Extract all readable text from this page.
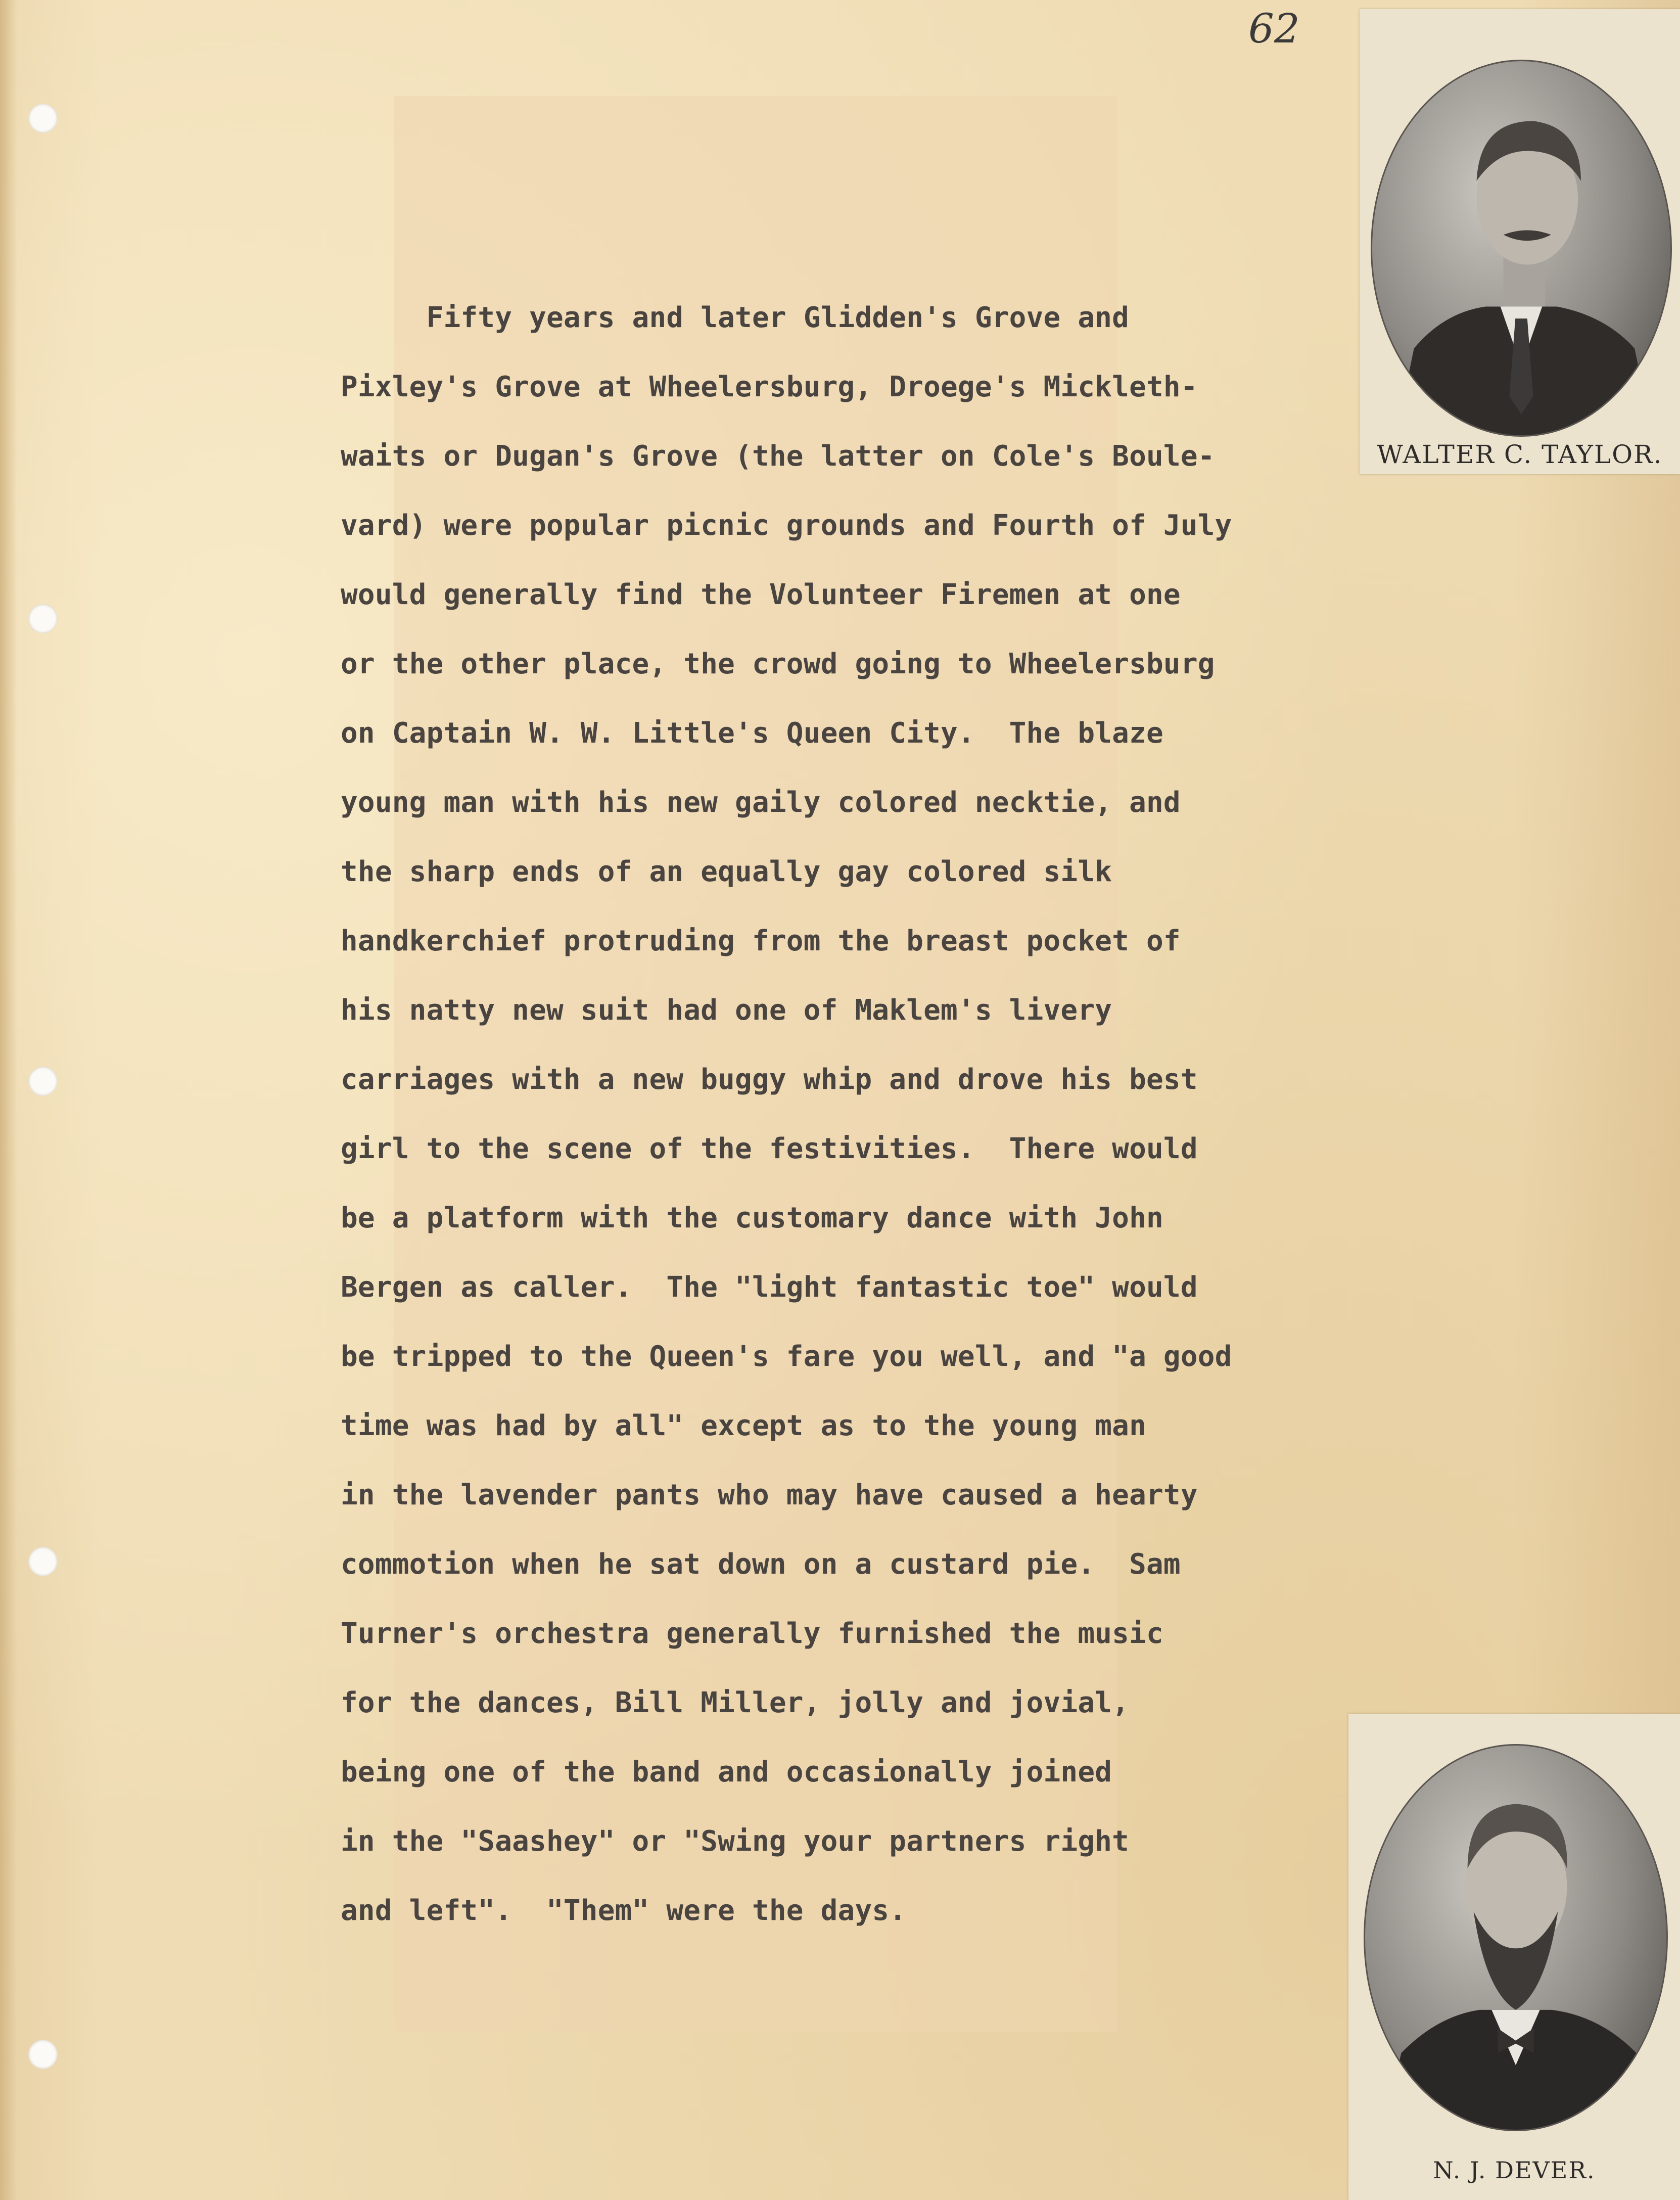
62
Fifty years and later Glidden's Grove and
Pixley's Grove at Wheelersburg, Droege's Mickleth-
waits or Dugan's Grove (the latter on Cole's Boule-
vard) were popular picnic grounds and Fourth of July
would generally find the Volunteer Firemen at one
or the other place, the crowd going to Wheelersburg
on Captain W. W. Little's Queen City.  The blaze
young man with his new gaily colored necktie, and
the sharp ends of an equally gay colored silk
handkerchief protruding from the breast pocket of
his natty new suit had one of Maklem's livery
carriages with a new buggy whip and drove his best
girl to the scene of the festivities.  There would
be a platform with the customary dance with John
Bergen as caller.  The "light fantastic toe" would
be tripped to the Queen's fare you well, and "a good
time was had by all" except as to the young man
in the lavender pants who may have caused a hearty
commotion when he sat down on a custard pie.  Sam
Turner's orchestra generally furnished the music
for the dances, Bill Miller, jolly and jovial,
being one of the band and occasionally joined
in the "Saashey" or "Swing your partners right
and left".  "Them" were the days.
WALTER C. TAYLOR.
N. J. DEVER.
